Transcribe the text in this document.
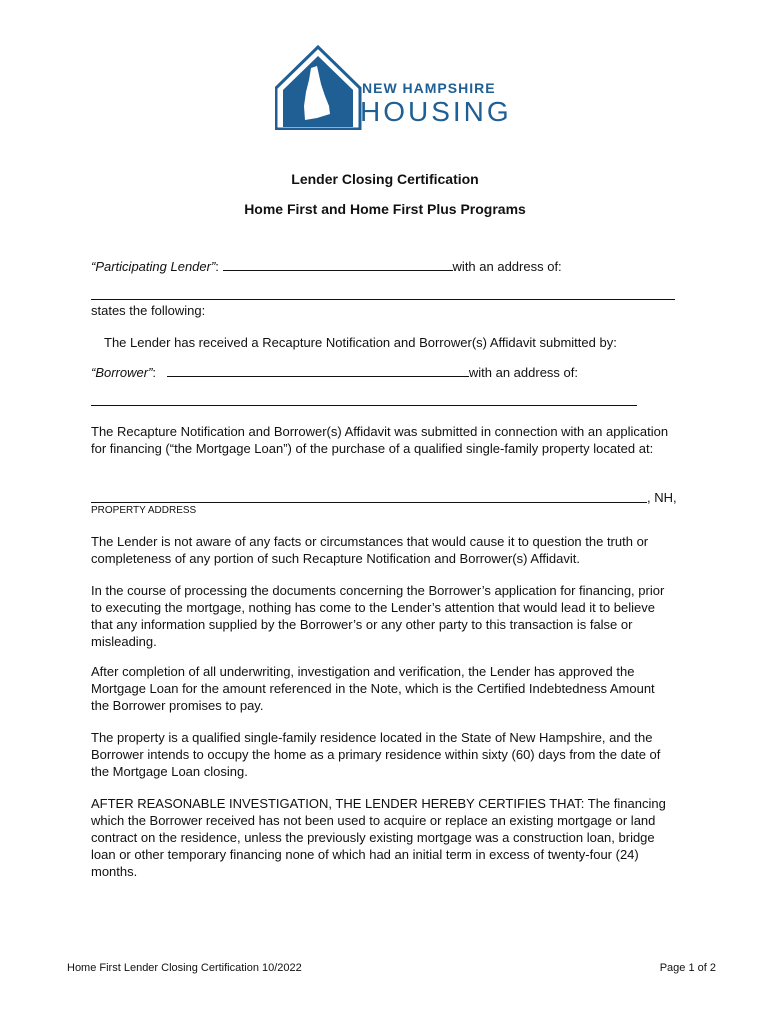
NEW HAMPSHIRE
HOUSING
Lender Closing Certification
Home First and Home First Plus Programs
“Participating Lender”:	with an address of:
states the following:
The Lender has received a Recapture Notification and Borrower(s) Affidavit submitted by:
“Borrower”:	with an address of:
The Recapture Notification and Borrower(s) Affidavit was submitted in connection with an application for financing (“the Mortgage Loan”) of the purchase of a qualified single-family property located at:
, NH,
PROPERTY ADDRESS
The Lender is not aware of any facts or circumstances that would cause it to question the truth or completeness of any portion of such Recapture Notification and Borrower(s) Affidavit.
In the course of processing the documents concerning the Borrower’s application for financing, prior to executing the mortgage, nothing has come to the Lender’s attention that would lead it to believe that any information supplied by the Borrower’s or any other party to this transaction is false or misleading.
After completion of all underwriting, investigation and verification, the Lender has approved the Mortgage Loan for the amount referenced in the Note, which is the Certified Indebtedness Amount the Borrower promises to pay.
The property is a qualified single-family residence located in the State of New Hampshire, and the Borrower intends to occupy the home as a primary residence within sixty (60) days from the date of the Mortgage Loan closing.
AFTER REASONABLE INVESTIGATION, THE LENDER HEREBY CERTIFIES THAT: The financing which the Borrower received has not been used to acquire or replace an existing mortgage or land contract on the residence, unless the previously existing mortgage was a construction loan, bridge loan or other temporary financing none of which had an initial term in excess of twenty-four (24) months.
Home First Lender Closing Certification 10/2022	Page 1 of 2
